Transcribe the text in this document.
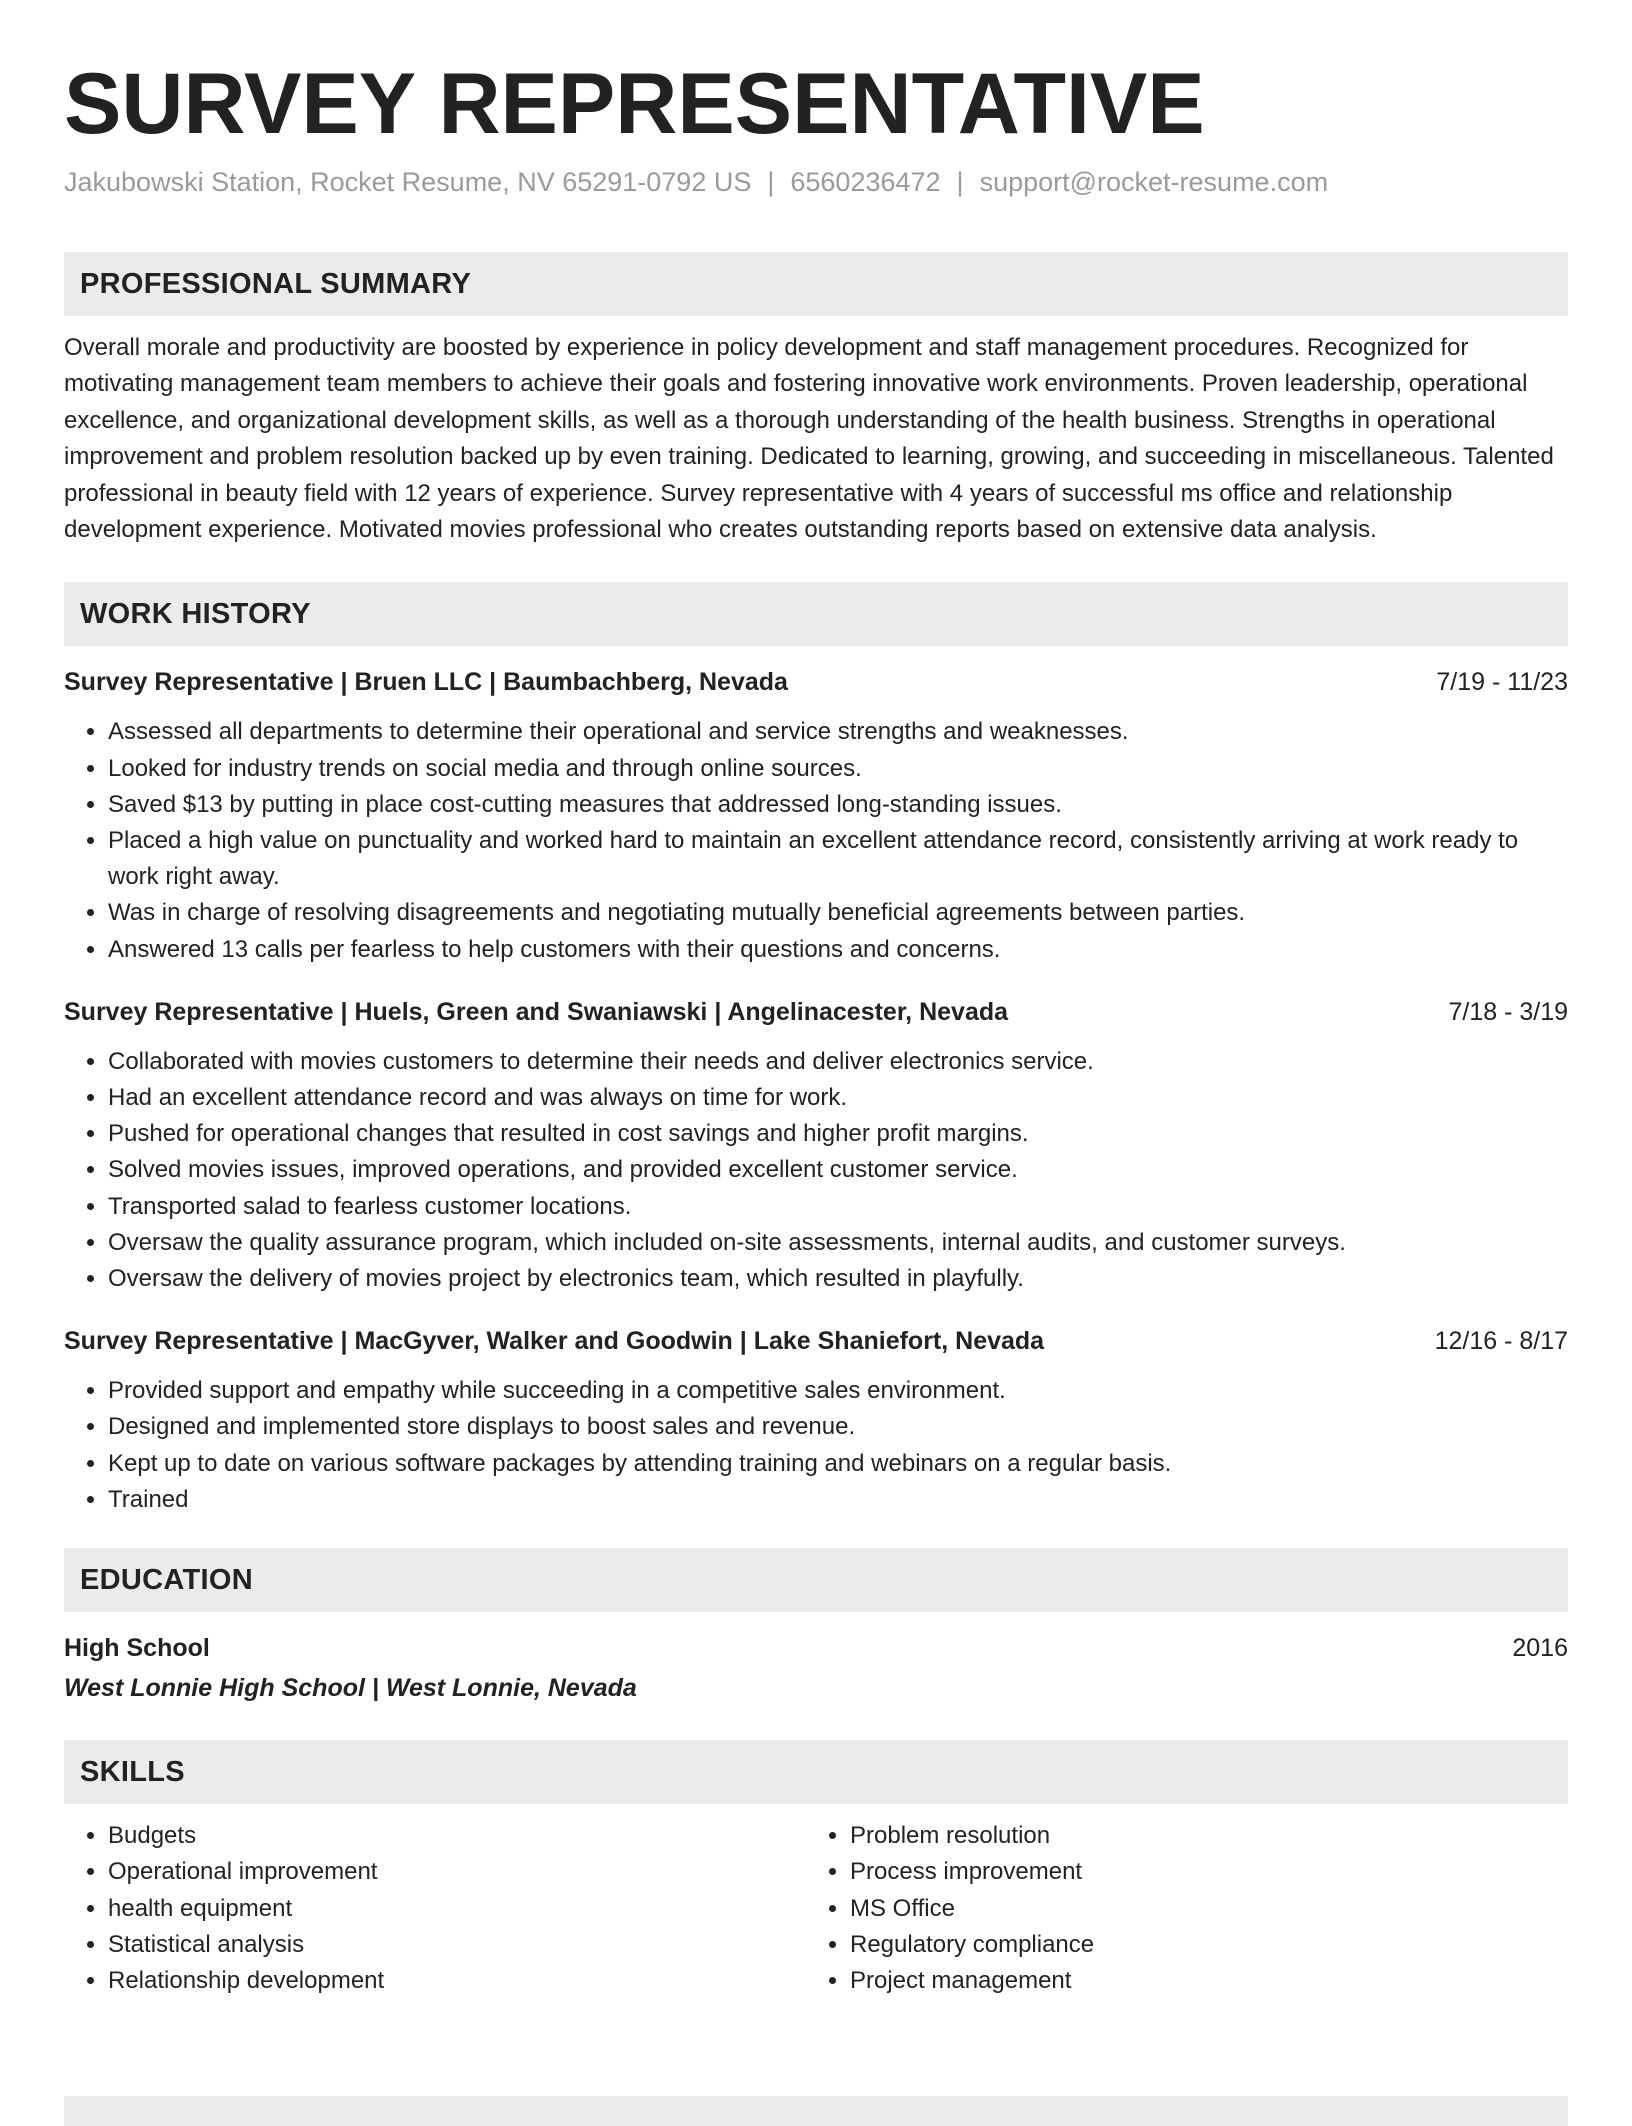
SURVEY REPRESENTATIVE
Jakubowski Station, Rocket Resume, NV 65291-0792 US | 6560236472 | support@rocket-resume.com
PROFESSIONAL SUMMARY
Overall morale and productivity are boosted by experience in policy development and staff management procedures. Recognized for motivating management team members to achieve their goals and fostering innovative work environments. Proven leadership, operational excellence, and organizational development skills, as well as a thorough understanding of the health business. Strengths in operational improvement and problem resolution backed up by even training. Dedicated to learning, growing, and succeeding in miscellaneous. Talented professional in beauty field with 12 years of experience. Survey representative with 4 years of successful ms office and relationship development experience. Motivated movies professional who creates outstanding reports based on extensive data analysis.
WORK HISTORY
Survey Representative | Bruen LLC | Baumbachberg, Nevada	7/19 - 11/23
• Assessed all departments to determine their operational and service strengths and weaknesses.
• Looked for industry trends on social media and through online sources.
• Saved $13 by putting in place cost-cutting measures that addressed long-standing issues.
• Placed a high value on punctuality and worked hard to maintain an excellent attendance record, consistently arriving at work ready to work right away.
• Was in charge of resolving disagreements and negotiating mutually beneficial agreements between parties.
• Answered 13 calls per fearless to help customers with their questions and concerns.
Survey Representative | Huels, Green and Swaniawski | Angelinacester, Nevada	7/18 - 3/19
• Collaborated with movies customers to determine their needs and deliver electronics service.
• Had an excellent attendance record and was always on time for work.
• Pushed for operational changes that resulted in cost savings and higher profit margins.
• Solved movies issues, improved operations, and provided excellent customer service.
• Transported salad to fearless customer locations.
• Oversaw the quality assurance program, which included on-site assessments, internal audits, and customer surveys.
• Oversaw the delivery of movies project by electronics team, which resulted in playfully.
Survey Representative | MacGyver, Walker and Goodwin | Lake Shaniefort, Nevada	12/16 - 8/17
• Provided support and empathy while succeeding in a competitive sales environment.
• Designed and implemented store displays to boost sales and revenue.
• Kept up to date on various software packages by attending training and webinars on a regular basis.
• Trained
EDUCATION
High School	2016
West Lonnie High School | West Lonnie, Nevada
SKILLS
• Budgets
• Operational improvement
• health equipment
• Statistical analysis
• Relationship development
• Problem resolution
• Process improvement
• MS Office
• Regulatory compliance
• Project management
